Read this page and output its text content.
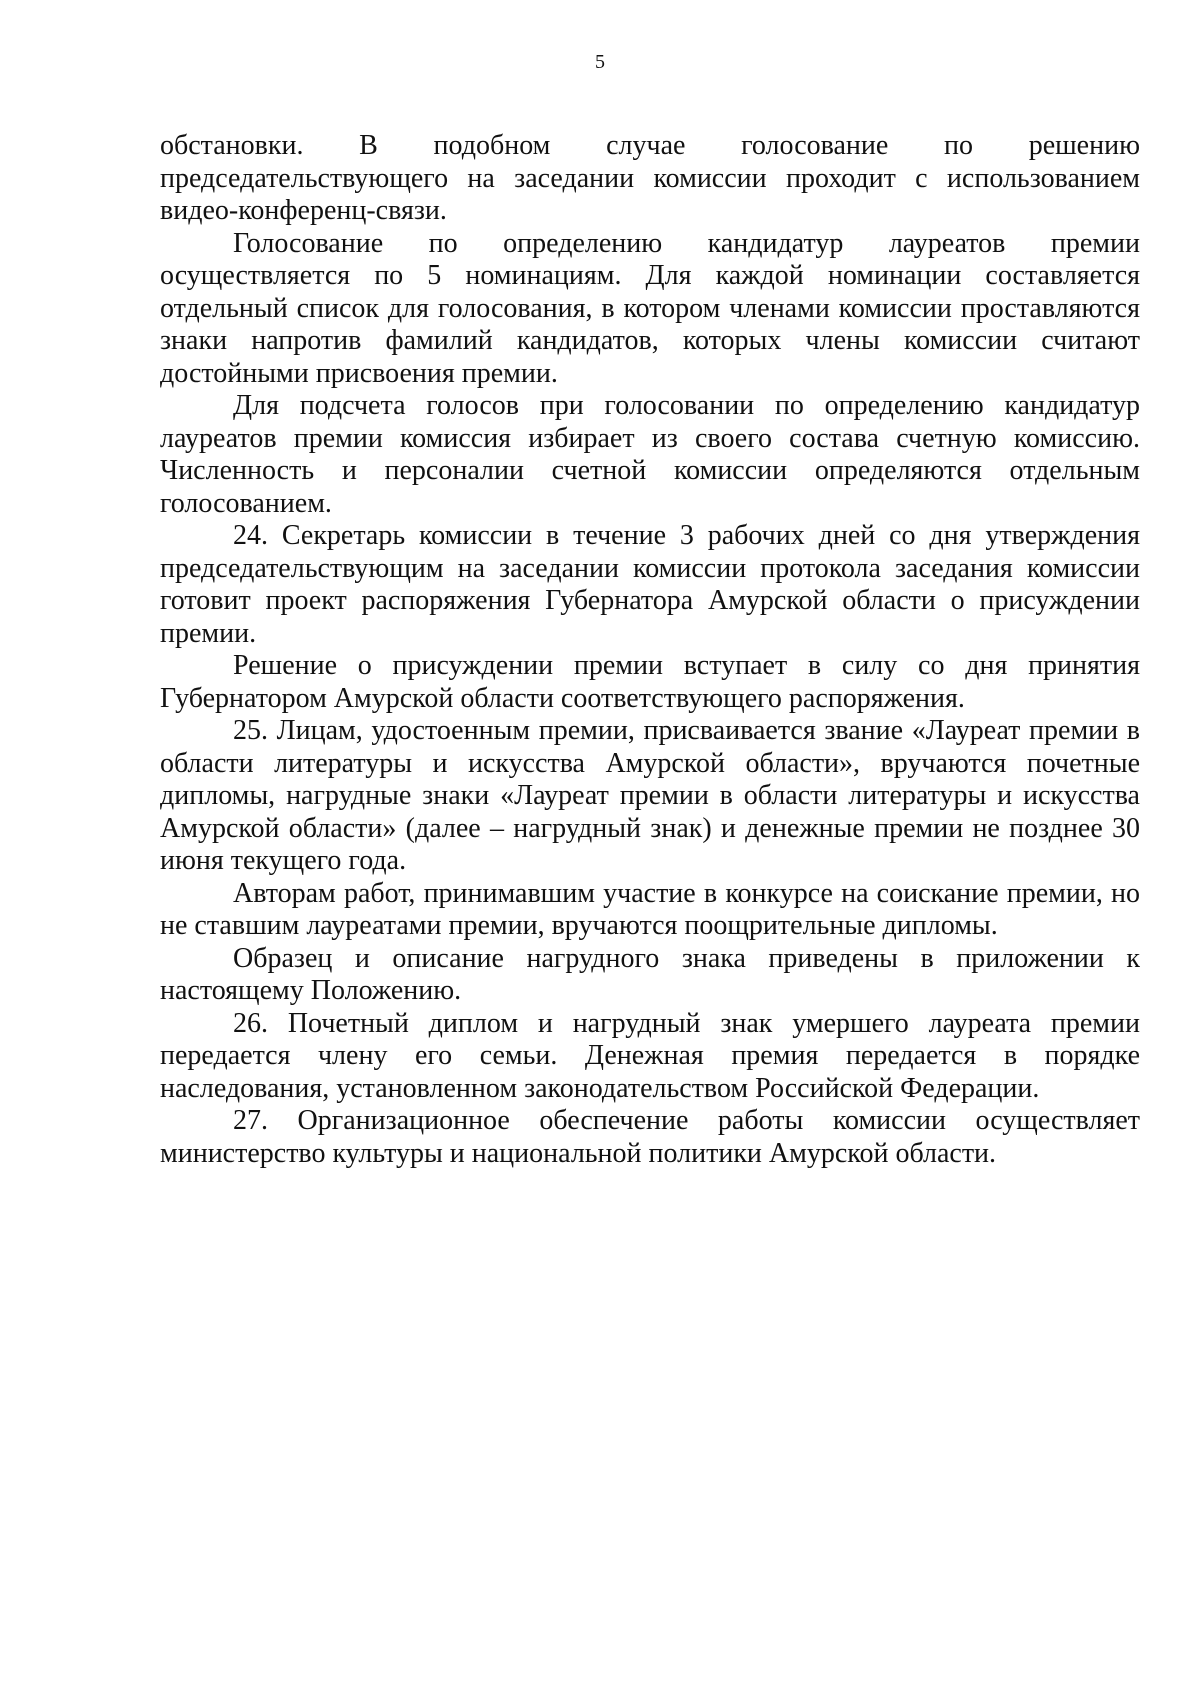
5

обстановки. В подобном случае голосование по решению председательствующего на заседании комиссии проходит с использованием видео-конференц-связи.

Голосование по определению кандидатур лауреатов премии осуществляется по 5 номинациям. Для каждой номинации составляется отдельный список для голосования, в котором членами комиссии проставляются знаки напротив фамилий кандидатов, которых члены комиссии считают достойными присвоения премии.

Для подсчета голосов при голосовании по определению кандидатур лауреатов премии комиссия избирает из своего состава счетную комиссию. Численность и персоналии счетной комиссии определяются отдельным голосованием.

24. Секретарь комиссии в течение 3 рабочих дней со дня утверждения председательствующим на заседании комиссии протокола заседания комиссии готовит проект распоряжения Губернатора Амурской области о присуждении премии.

Решение о присуждении премии вступает в силу со дня принятия Губернатором Амурской области соответствующего распоряжения.

25. Лицам, удостоенным премии, присваивается звание «Лауреат премии в области литературы и искусства Амурской области», вручаются почетные дипломы, нагрудные знаки «Лауреат премии в области литературы и искусства Амурской области» (далее – нагрудный знак) и денежные премии не позднее 30 июня текущего года.

Авторам работ, принимавшим участие в конкурсе на соискание премии, но не ставшим лауреатами премии, вручаются поощрительные дипломы.

Образец и описание нагрудного знака приведены в приложении к настоящему Положению.

26. Почетный диплом и нагрудный знак умершего лауреата премии передается члену его семьи. Денежная премия передается в порядке наследования, установленном законодательством Российской Федерации.

27. Организационное обеспечение работы комиссии осуществляет министерство культуры и национальной политики Амурской области.
